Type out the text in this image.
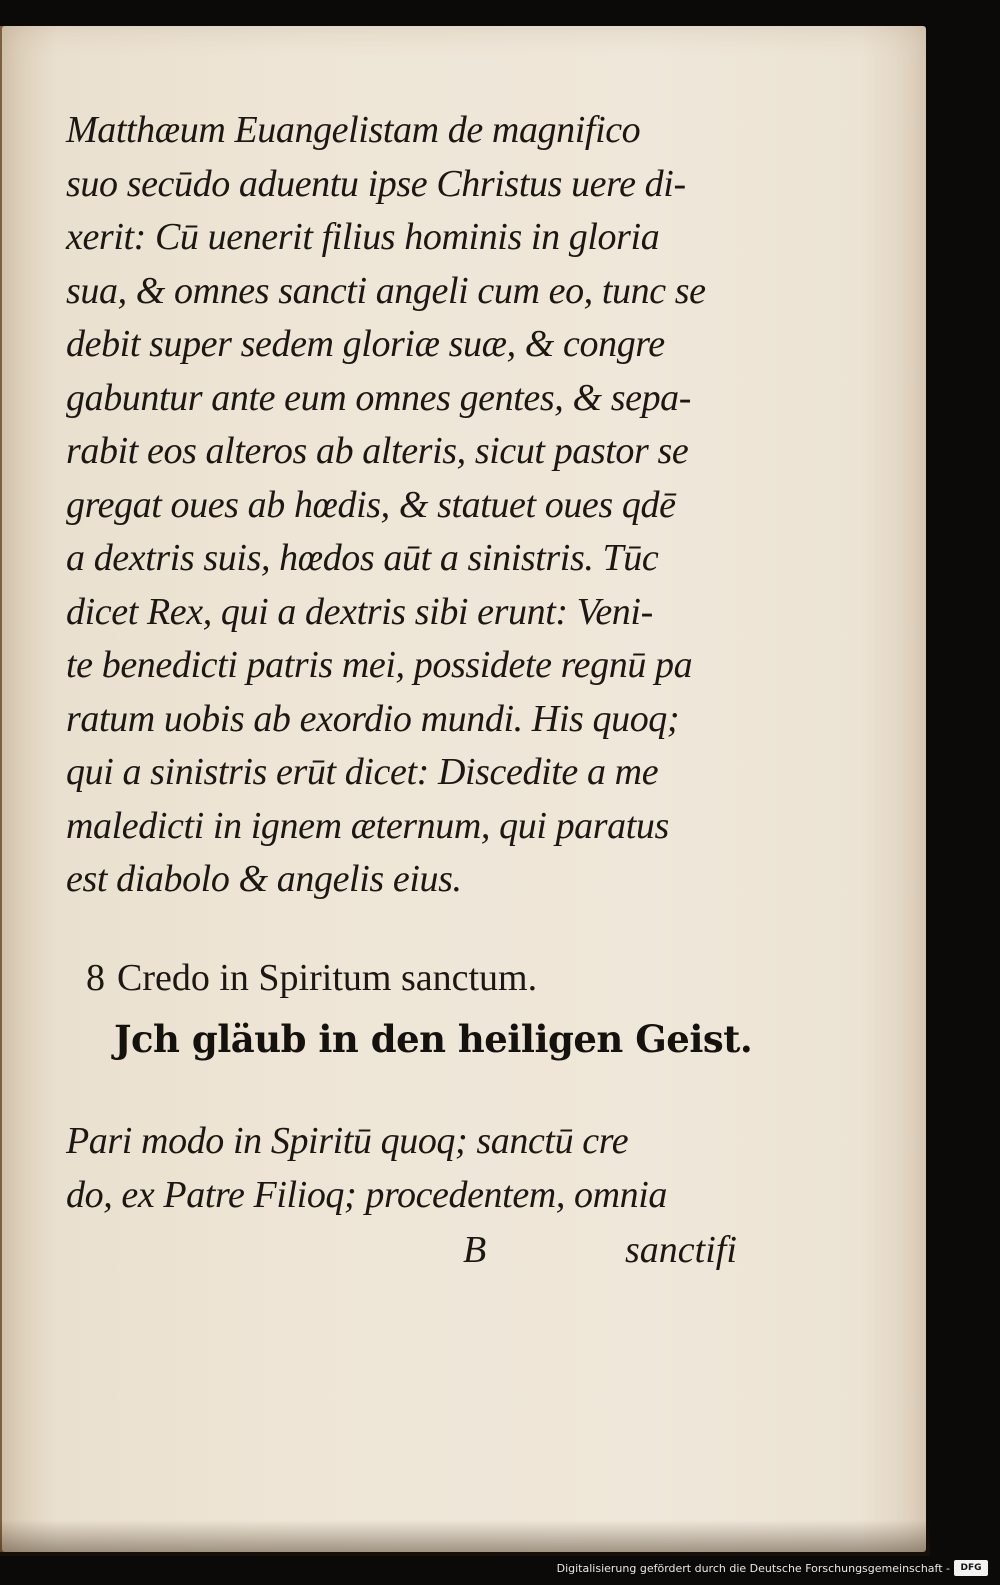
Matthæum Euangelistam de magnifico
suo secūdo aduentu ipse Christus uere di-
xerit: Cū uenerit filius hominis in gloria
sua, & omnes sancti angeli cum eo, tunc se
debit super sedem gloriæ suæ, & congre
gabuntur ante eum omnes gentes, & sepa-
rabit eos alteros ab alteris, sicut pastor se
gregat oues ab hœdis, & statuet oues qdē
a dextris suis, hœdos aūt a sinistris. Tūc
dicet Rex, qui a dextris sibi erunt: Veni-
te benedicti patris mei, possidete regnū pa
ratum uobis ab exordio mundi. His quoq;
qui a sinistris erūt dicet: Discedite a me
maledicti in ignem æternum, qui paratus
est diabolo & angelis eius.

8 Credo in Spiritum sanctum.

Jch gläub in den heiligen Geist.

Pari modo in Spiritū quoq; sanctū cre
do, ex Patre Filioq; procedentem, omnia

B	sanctifi
Digitalisierung gefördert durch die Deutsche Forschungsgemeinschaft -	DFG
